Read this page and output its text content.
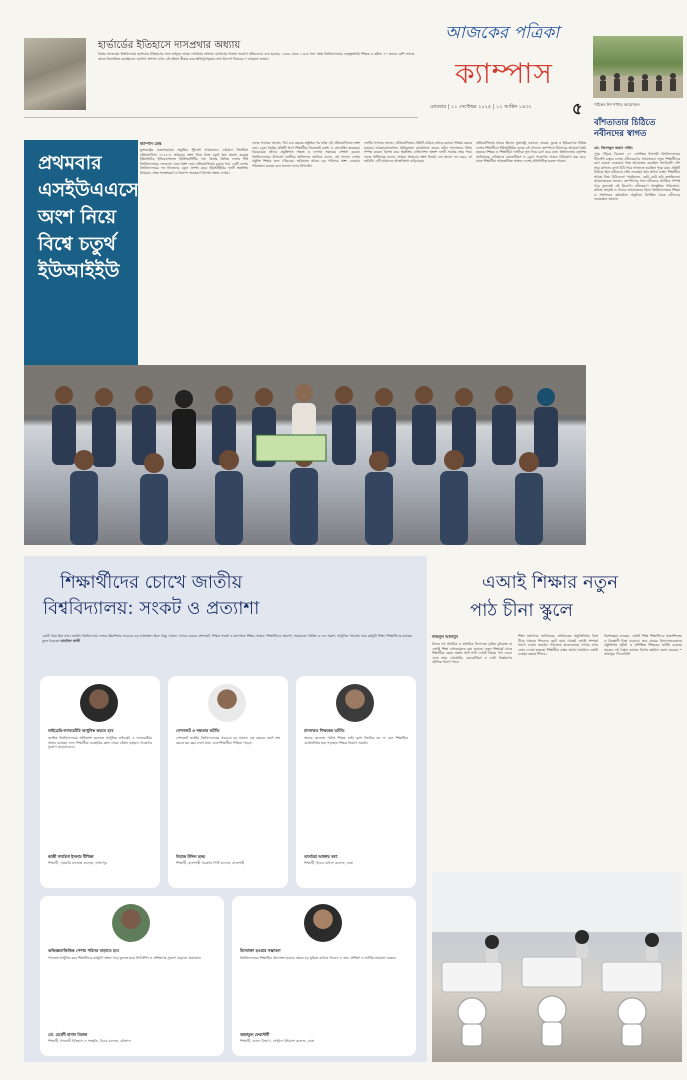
হার্ভার্ডের ইতিহাসে দাসপ্রথার অধ্যায়
বিশ্বের খ্যাতনামা বিশ্ববিদ্যালয় হার্ভার্ডের ইতিহাসের সঙ্গে জড়িয়ে আছে দাসপ্রথার অধ্যায়। হার্ভার্ডের নিজস্ব গবেষণা প্রতিবেদনে বলা হয়েছে, ১৬৩৬ থেকে ১৭৮৩ সাল পর্যন্ত বিশ্ববিদ্যালয়ের নেতৃত্বস্থানীয় শিক্ষক ও কর্মীরা ৭০ জনের বেশি দাসকে কাজে নিয়োজিত করেছিলেন। হার্ভার্ড প্রশাসন এখন এই অধ্যায় স্বীকার করে ক্ষতিপূরণমূলক নানা উদ্যোগ নিয়েছে। • ফারহানা জামান
আজকের পত্রিকা
ক্যাম্পাস
রোববার | ২১ সেপ্টেম্বর ২০২৫ | ১২ আশ্বিন ১৪৩২	৫	পাঠক্রম ঈশ শাখার আয়োজন
বাঁশতাতার চিঠিতে নবীনদের স্বাগত
মো. জিনাত্তুল জমান নাহিদ
দুপুর গড়িয়ে বিকেল। ২০ সেপ্টেম্বর ইসলামী বিশ্ববিদ্যালয়ের টিএসসি চত্বরে চলছে নবীনবরণের আয়োজন। নতুন শিক্ষার্থীদের বরণ করতে একেবারে ভিন্ন আয়োজন করেছিল সংগঠনটি। বাঁশ আর কাগজে লেখা চিঠি দিয়ে সাজানো হয়েছিল পুরো মঞ্চ। প্রতিটি চিঠিতে ছিল নবীনদের প্রতি শুভেচ্ছা আর স্বাগত বার্তা। শিক্ষার্থীরা আগ্রহ নিয়ে চিঠিগুলো পড়ছিলেন, কেউ কেউ ছবি তুলছিলেন। আয়োজকেরা জানান, ক্যাম্পাসের সঙ্গে নবীনদের আত্মিক সম্পর্ক গড়ে তুলতেই এই উদ্যোগ। নবীনবরণে সাংস্কৃতিক পরিবেশনা, কবিতা আবৃত্তি ও গানের আয়োজনও ছিল। বিশ্ববিদ্যালয়ের শিক্ষক ও প্রশাসনের কর্মকর্তারা অনুষ্ঠানে উপস্থিত থেকে নবীনদের শুভকামনা জানান।
প্রথমবার এসইউএএসে অংশ নিয়ে বিশ্বে চতুর্থ ইউআইইউ
ক্যাম্পাস ডেস্ক
যুক্তরাষ্ট্রের ওকলাহোমায় অনুষ্ঠিত স্টুডেন্ট আনম্যানড এরিয়াল সিস্টেমস প্রতিযোগিতা ২০২৫-এ প্রথমবার অংশ নিয়ে বিশ্বে চতুর্থ স্থান অর্জন করেছে ইউনাইটেড ইন্টারন্যাশনাল ইউনিভার্সিটির দল। বিশ্বের বিভিন্ন দেশের শীর্ষ বিশ্ববিদ্যালয়ের দলগুলো এতে অংশ নেয়। প্রতিযোগিতায় চূড়ান্ত পর্বে ২৩টি দেশের বিশ্ববিদ্যালয়ের দল নিজেদের ড্রোন প্রদর্শন করে। ইউআইইউর দলটি স্বয়ংক্রিয় উড্ডয়ন, লক্ষ্য শনাক্তকরণ ও নিরাপদ অবতরণে বিশেষ দক্ষতা দেখায়।
দলের সদস্যরা জানান, দীর্ঘ এক বছরের প্রস্তুতির পর তাঁরা এই প্রতিযোগিতায় অংশ নেন। ড্রোন তৈরির প্রতিটি ধাপে শিক্ষার্থীরা নিজেরাই নকশা ও প্রোগ্রামিং করেছেন। বিচারকেরা তাঁদের প্রযুক্তিগত দক্ষতা ও দলগত সমন্বয়ের প্রশংসা করেন। বিশ্ববিদ্যালয়ের উপাচার্য দলটিকে অভিনন্দন জানিয়ে বলেন, এই সাফল্য দেশের প্রযুক্তি শিক্ষার জন্য গৌরবের। ভবিষ্যতে আরও বড় পরিসরে অংশ নেওয়ার পরিকল্পনা রয়েছে বলে জানান দলের উপদেষ্টা।
দলটির সদস্যরা জানান, প্রতিযোগিতার প্রতিটি রাউন্ডে তাঁদের কঠোর পরিশ্রম করতে হয়েছে। আবহাওয়াজনিত প্রতিকূলতা মোকাবিলা করেও তাঁরা সফলভাবে মিশন সম্পন্ন করেন। বিশেষ করে স্বয়ংক্রিয় নেভিগেশন অংশে দলটি সর্বোচ্চ নম্বর পায়। দলের অধিনায়ক বলেন, আমরা প্রথমবার অংশ নিয়েই এত ভালো ফল করব, তা ভাবিনি। এটি আমাদের আত্মবিশ্বাস বাড়িয়েছে।
প্রতিযোগিতায় আরও ছিলেন যুক্তরাষ্ট্র, কানাডা, ভারত, তুরস্ক ও ইউরোপের বিভিন্ন দেশের শিক্ষার্থীরা। ইউআইইউর দলের এই সাফল্যে ক্যাম্পাসে উৎসবের আমেজ তৈরি হয়েছে। শিক্ষক ও শিক্ষার্থীরা দলটিকে ফুল দিয়ে বরণ করে নেন। বিশ্ববিদ্যালয় কর্তৃপক্ষ জানিয়েছে, ভবিষ্যতে রোবোটিকস ও ড্রোন গবেষণায় আরও বিনিয়োগ করা হবে, যাতে শিক্ষার্থীরা আন্তর্জাতিক অঙ্গনে দেশের প্রতিনিধিত্ব করতে পারেন।
শিক্ষার্থীদের চোখে জাতীয়
বিশ্ববিদ্যালয়: সংকট ও প্রত্যাশা
একটি সময় ছিল যখন জাতীয় বিশ্ববিদ্যালয় দেশের উচ্চশিক্ষার সবচেয়ে বড় আশ্রয়স্থল ছিল। কিন্তু এখনো এখানে রয়েছে সেশনজট, শিক্ষক সংকট ও মানসম্মত শিক্ষার অভাব। শিক্ষার্থীদের প্রত্যাশা, সময়মতো পরীক্ষা ও ফল প্রকাশ, আধুনিক পাঠ্যক্রম আর কর্মমুখী শিক্ষা। শিক্ষার্থীদের মতামত তুলে ধরেছেন তামজিদ কাজী
লাইব্রেরি-ল্যাবরেটরি আধুনিক করতে হবে
জাতীয় বিশ্ববিদ্যালয়ের অধিকাংশ কলেজে আধুনিক লাইব্রেরি ও ল্যাবরেটরির অভাব রয়েছে। ফলে শিক্ষার্থীরা ব্যবহারিক জ্ঞান থেকে বঞ্চিত হচ্ছেন। গবেষণার সুযোগ বাড়াতে হবে।
কাজী সাবরিনা ইসলাম বীথিকা
শিক্ষার্থী, সরকারি রাজেন্দ্র কলেজ, ফরিদপুর
সেশনজট ও দক্ষতার ঘাটতি
সেশনজট জাতীয় বিশ্ববিদ্যালয়ের সবচেয়ে বড় সমস্যা। চার বছরের কোর্স শেষ করতে ছয় বছর লেগে যায়। এতে শিক্ষার্থীরা পিছিয়ে পড়েন।
নিয়াজ উদ্দিন হৃদয়
শিক্ষার্থী, রাজশাহী সরকারি সিটি কলেজ, রাজশাহী
মানসম্মত শিক্ষকের ঘাটতি
অনেক কলেজে পর্যাপ্ত শিক্ষক নেই। ক্লাস নিয়মিত হয় না বলে শিক্ষার্থীরা কোচিংনির্ভর হয়ে পড়ছেন। শিক্ষক নিয়োগ জরুরি।
তাসমিয়া আক্তার বন্যা
শিক্ষার্থী, ইডেন মহিলা কলেজ, ঢাকা
অভিজ্ঞতাভিত্তিক পেশার পরিসর বাড়াতে হবে
পাঠ্যক্রম আধুনিক করে শিক্ষার্থীদের কর্মমুখী দক্ষতা গড়ে তুলতে হবে। ইন্টার্নশিপ ও প্রশিক্ষণের সুযোগ বাড়ানো প্রয়োজন।
মো. মেহেদী হাসান মিরাজ
শিক্ষার্থী, ইসলামী ইতিহাস ও সংস্কৃতি, বিএম কলেজ, বরিশাল
উদ্যোক্তা হওয়ার সম্ভাবনা
বিশ্ববিদ্যালয়ের শিক্ষার্থীরা উদ্যোক্তা হওয়ার ক্ষেত্রে বড় ভূমিকা রাখতে পারেন। এ জন্য প্রশিক্ষণ ও আর্থিক সহায়তা দরকার।
জান্নাতুল ফেরদৌসী
শিক্ষার্থী, বাংলা বিভাগ, সেন্ট্রাল উইমেন্স কলেজ, ঢাকা
এআই শিক্ষার নতুন
পাঠ চীনা স্কুলে
ফজলুল আলামুন
চীনের বহু প্রাথমিক ও মাধ্যমিক বিদ্যালয়ে কৃত্রিম বুদ্ধিমত্তা বা এআই শিক্ষা বাধ্যতামূলক করা হয়েছে। নতুন শিক্ষাবর্ষ থেকে শিক্ষার্থীরা বছরে অন্তত আট ঘণ্টা এআই বিষয়ে পাঠ নেবে। এতে তারা প্রোগ্রামিং, রোবোটিকস ও ডেটা বিশ্লেষণের মৌলিক ধারণা পাবে।
শিক্ষা মন্ত্রণালয় জানিয়েছে, ভবিষ্যতের প্রযুক্তিনির্ভর বিশ্বে টিকে থাকতে শিশুদের ছোট বয়স থেকেই এআই সম্পর্কে ধারণা দেওয়া জরুরি। পাঠ্যক্রমে হাতে-কলমে শেখার ওপর জোর দেওয়া হয়েছে। শিক্ষার্থীরা বাস্তব সমস্যা সমাধানে এআই ব্যবহার করতে শিখবে।
বিশেষজ্ঞরা বলছেন, এআই শিক্ষা শিক্ষার্থীদের সৃজনশীলতা ও বিশ্লেষণী চিন্তা বাড়াবে। তবে গ্রামের বিদ্যালয়গুলোতে প্রযুক্তিগত সুবিধা ও প্রশিক্ষিত শিক্ষকের ঘাটতি রয়েছে। সরকার এই বৈষম্য কমাতে বিশেষ তহবিল বরাদ্দ করেছে। • তথ্যসূত্র: সিএনবিসি
